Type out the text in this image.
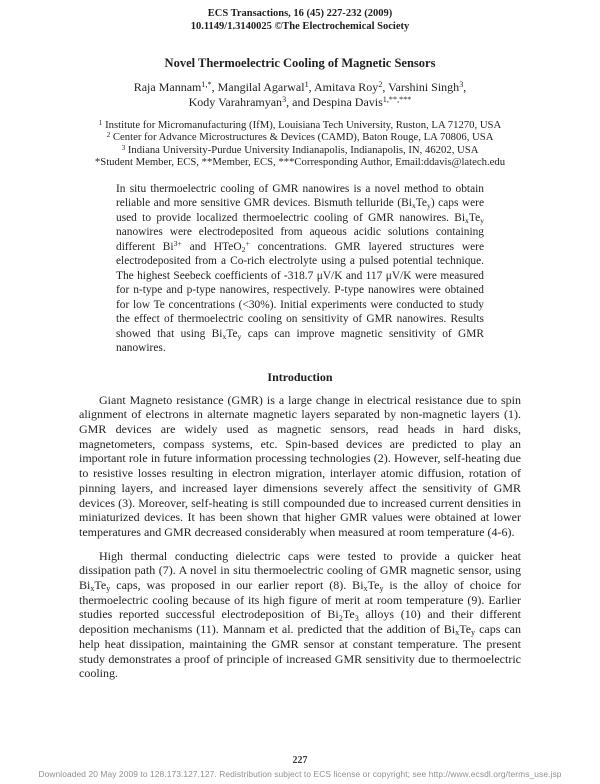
ECS Transactions, 16 (45) 227-232 (2009)
10.1149/1.3140025 ©The Electrochemical Society
Novel Thermoelectric Cooling of Magnetic Sensors
Raja Mannam$^{1,*}$, Mangilal Agarwal$^1$, Amitava Roy$^2$, Varshini Singh$^3$,
Kody Varahramyan$^3$, and Despina Davis$^{1,**,***}$
$^1$ Institute for Micromanufacturing (IfM), Louisiana Tech University, Ruston, LA 71270, USA
$^2$ Center for Advance Microstructures & Devices (CAMD), Baton Rouge, LA 70806, USA
$^3$ Indiana University-Purdue University Indianapolis, Indianapolis, IN, 46202, USA
*Student Member, ECS, **Member, ECS, ***Corresponding Author, Email:ddavis@latech.edu
In situ thermoelectric cooling of GMR nanowires is a novel method to obtain reliable and more sensitive GMR devices. Bismuth telluride $(Bi_xTe_y)$ caps were used to provide localized thermoelectric cooling of GMR nanowires. $Bi_xTe_y$ nanowires were electrodeposited from aqueous acidic solutions containing different $Bi^{3+}$ and HTeO$_2$+ concentrations. GMR layered structures were electrodeposited from a Co-rich electrolyte using a pulsed potential technique. The highest Seebeck coefficients of -318.7 μV/K and 117 μV/K were measured for n-type and p-type nanowires, respectively. P-type nanowires were obtained for low Te concentrations (<30%). Initial experiments were conducted to study the effect of thermoelectric cooling on sensitivity of GMR nanowires. Results showed that using $Bi_xTe_y$ caps can improve magnetic sensitivity of GMR nanowires.
Introduction
Giant Magneto resistance (GMR) is a large change in electrical resistance due to spin alignment of electrons in alternate magnetic layers separated by non-magnetic layers (1). GMR devices are widely used as magnetic sensors, read heads in hard disks, magnetometers, compass systems, etc. Spin-based devices are predicted to play an important role in future information processing technologies (2). However, self-heating due to resistive losses resulting in electron migration, interlayer atomic diffusion, rotation of pinning layers, and increased layer dimensions severely affect the sensitivity of GMR devices (3). Moreover, self-heating is still compounded due to increased current densities in miniaturized devices. It has been shown that higher GMR values were obtained at lower temperatures and GMR decreased considerably when measured at room temperature (4-6).
High thermal conducting dielectric caps were tested to provide a quicker heat dissipation path (7). A novel in situ thermoelectric cooling of GMR magnetic sensor, using $Bi_xTe_y$ caps, was proposed in our earlier report (8). $Bi_xTe_y$ is the alloy of choice for thermoelectric cooling because of its high figure of merit at room temperature (9). Earlier studies reported successful electrodeposition of $Bi_2Te_3$ alloys (10) and their different deposition mechanisms (11). Mannam et al. predicted that the addition of $Bi_xTe_y$ caps can help heat dissipation, maintaining the GMR sensor at constant temperature. The present study demonstrates a proof of principle of increased GMR sensitivity due to thermoelectric cooling.
227
Downloaded 20 May 2009 to 128.173.127.127. Redistribution subject to ECS license or copyright; see http://www.ecsdl.org/terms_use.jsp
